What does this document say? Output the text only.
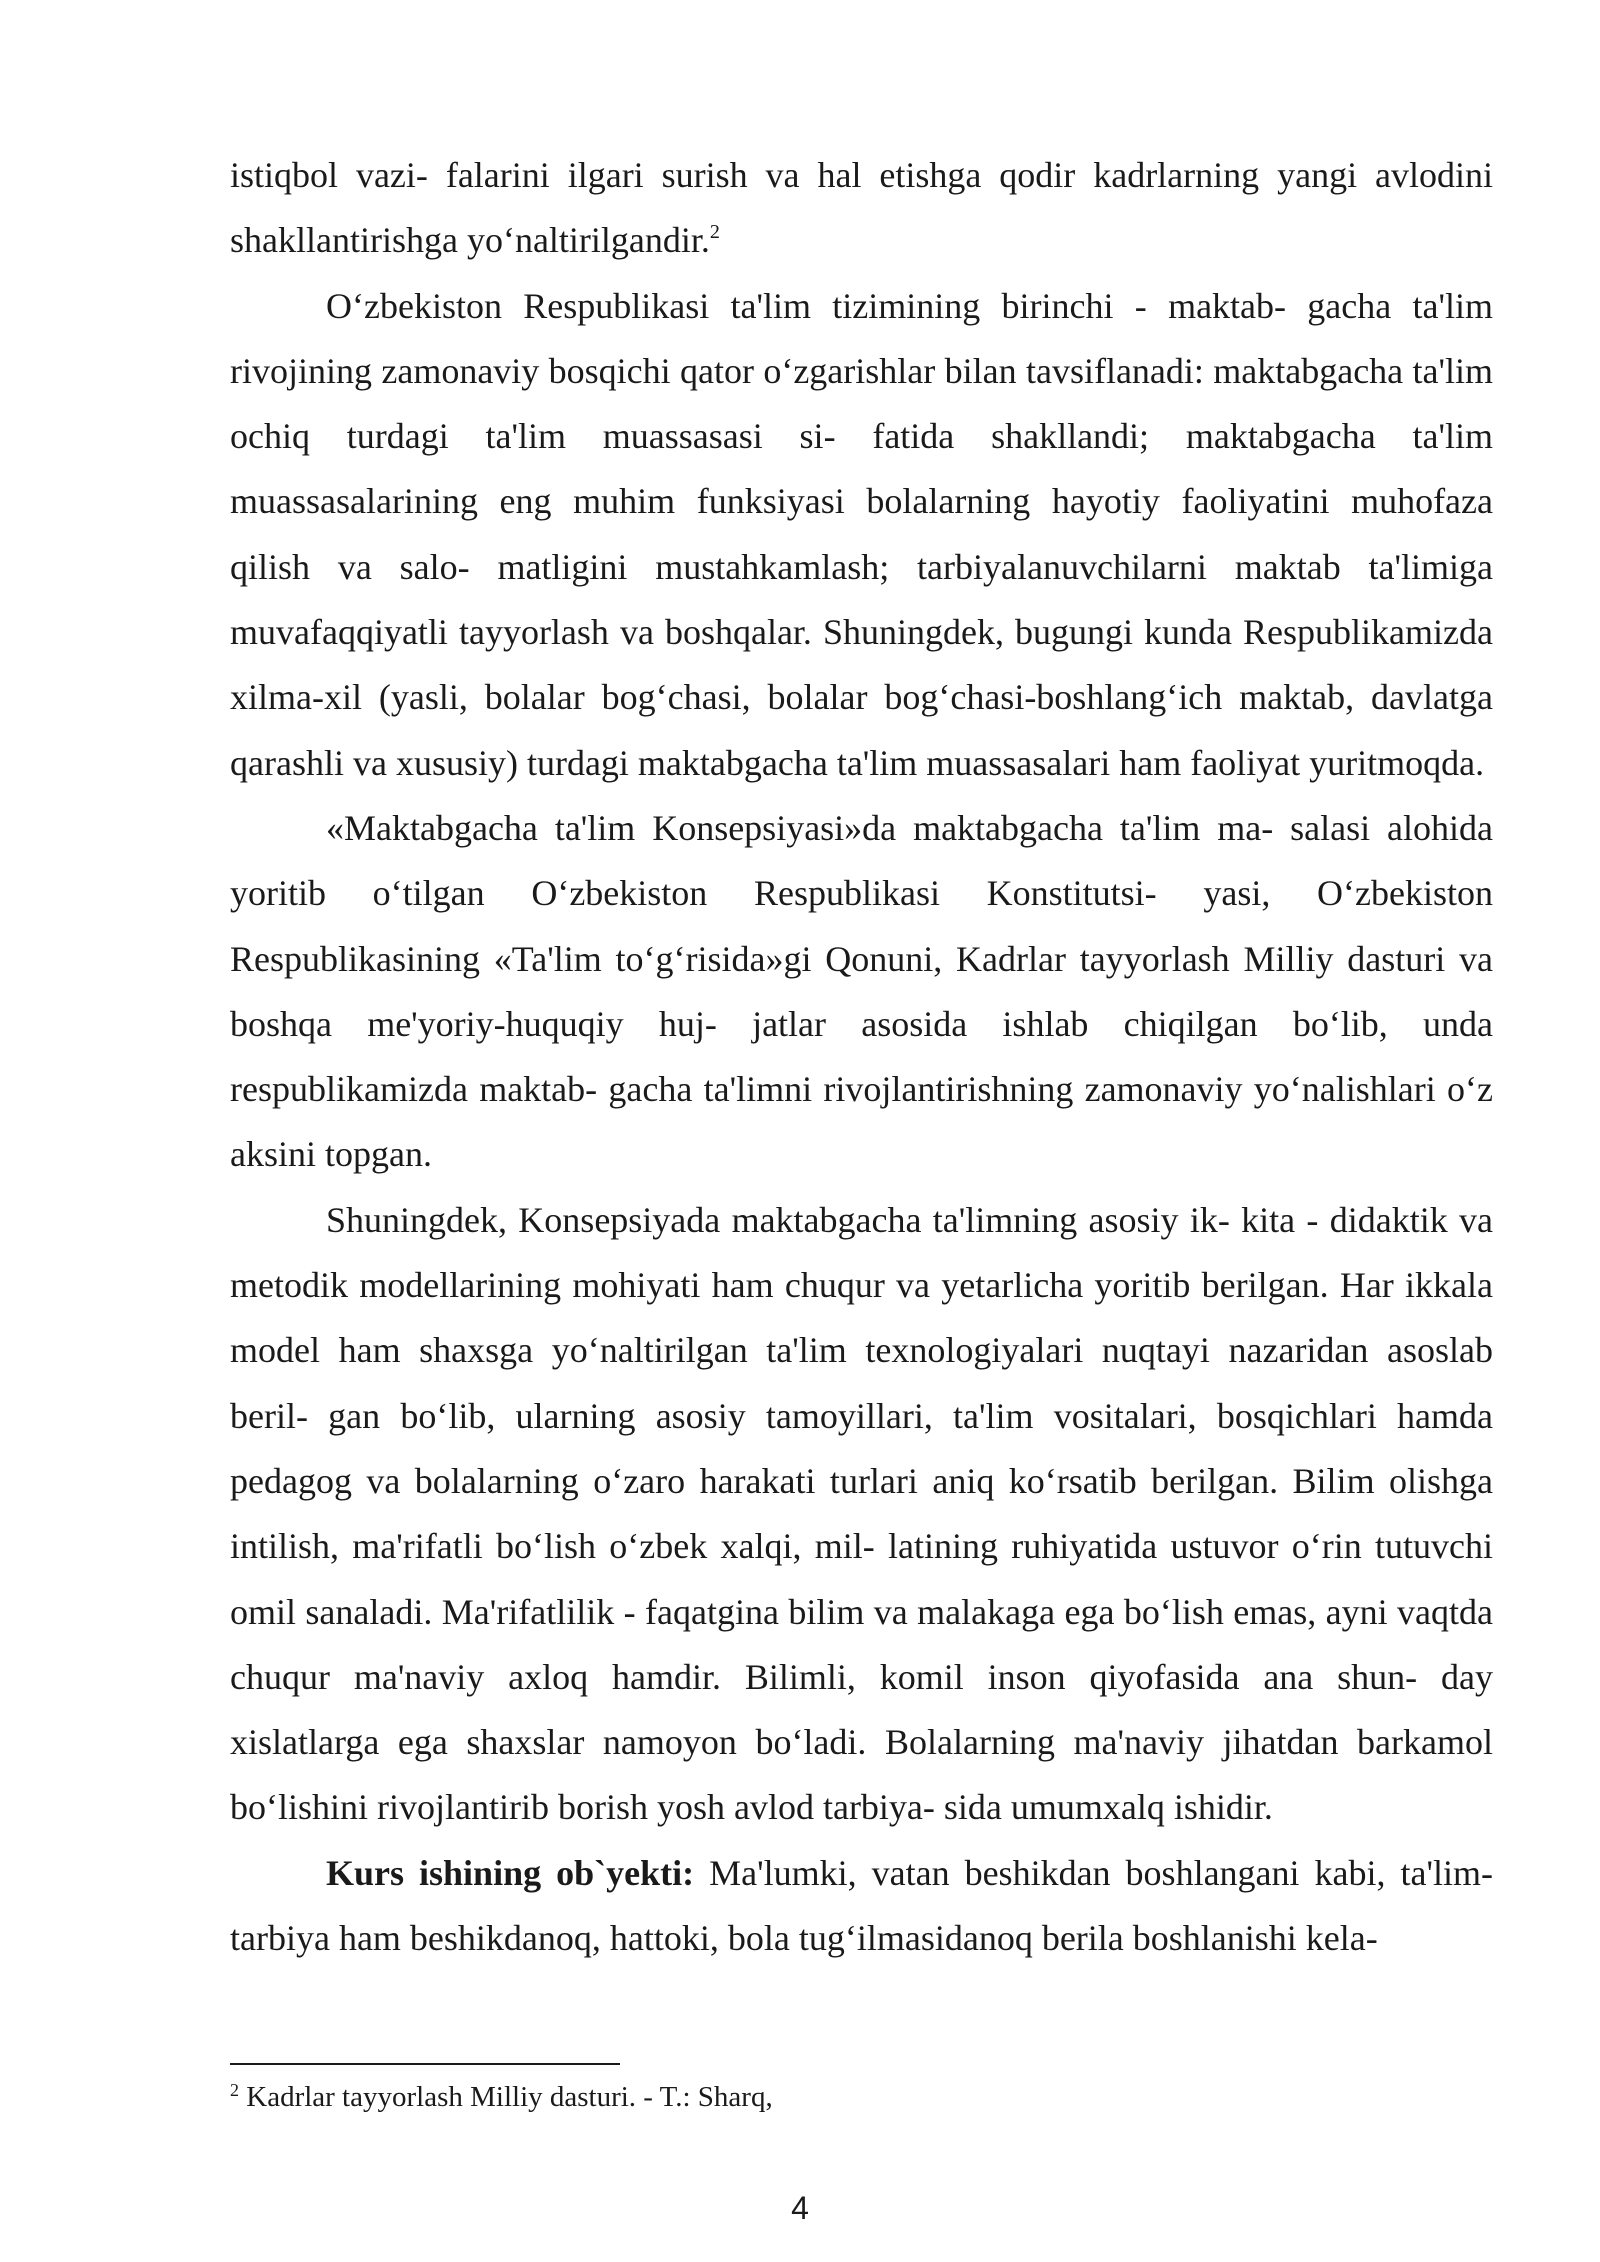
istiqbol vazi- falarini ilgari surish va hal etishga qodir kadrlarning yangi avlodini shakllantirishga yo‘naltirilgandir.$^2$

O‘zbekiston Respublikasi ta'lim tizimining birinchi - maktab- gacha ta'lim rivojining zamonaviy bosqichi qator o‘zgarishlar bilan tavsiflanadi: maktabgacha ta'lim ochiq turdagi ta'lim muassasasi si- fatida shakllandi; maktabgacha ta'lim muassasalarining eng muhim funksiyasi bolalarning hayotiy faoliyatini muhofaza qilish va salo- matligini mustahkamlash; tarbiyalanuvchilarni maktab ta'limiga muvafaqqiyatli tayyorlash va boshqalar. Shuningdek, bugungi kunda Respublikamizda xilma-xil (yasli, bolalar bog‘chasi, bolalar bog‘chasi-boshlang‘ich maktab, davlatga qarashli va xususiy) turdagi maktabgacha ta'lim muassasalari ham faoliyat yuritmoqda.

«Maktabgacha ta'lim Konsepsiyasi»da maktabgacha ta'lim ma- salasi alohida yoritib o‘tilgan O‘zbekiston Respublikasi Konstitutsi- yasi, O‘zbekiston Respublikasining «Ta'lim to‘g‘risida»gi Qonuni, Kadrlar tayyorlash Milliy dasturi va boshqa me'yoriy-huquqiy huj- jatlar asosida ishlab chiqilgan bo‘lib, unda respublikamizda maktab- gacha ta'limni rivojlantirishning zamonaviy yo‘nalishlari o‘z aksini topgan.

Shuningdek, Konsepsiyada maktabgacha ta'limning asosiy ik- kita - didaktik va metodik modellarining mohiyati ham chuqur va yetarlicha yoritib berilgan. Har ikkala model ham shaxsga yo‘naltirilgan ta'lim texnologiyalari nuqtayi nazaridan asoslab beril- gan bo‘lib, ularning asosiy tamoyillari, ta'lim vositalari, bosqichlari hamda pedagog va bolalarning o‘zaro harakati turlari aniq ko‘rsatib berilgan. Bilim olishga intilish, ma'rifatli bo‘lish o‘zbek xalqi, mil- latining ruhiyatida ustuvor o‘rin tutuvchi omil sanaladi. Ma'rifatlilik - faqatgina bilim va malakaga ega bo‘lish emas, ayni vaqtda chuqur ma'naviy axloq hamdir. Bilimli, komil inson qiyofasida ana shun- day xislatlarga ega shaxslar namoyon bo‘ladi. Bolalarning ma'naviy jihatdan barkamol bo‘lishini rivojlantirib borish yosh avlod tarbiya- sida umumxalq ishidir.

Kurs ishining ob`yekti: Ma'lumki, vatan beshikdan boshlangani kabi, ta'lim-tarbiya ham beshikdanoq, hattoki, bola tug‘ilmasidanoq berila boshlanishi kela-

$^2$ Kadrlar tayyorlash Milliy dasturi. - T.: Sharq,
4
